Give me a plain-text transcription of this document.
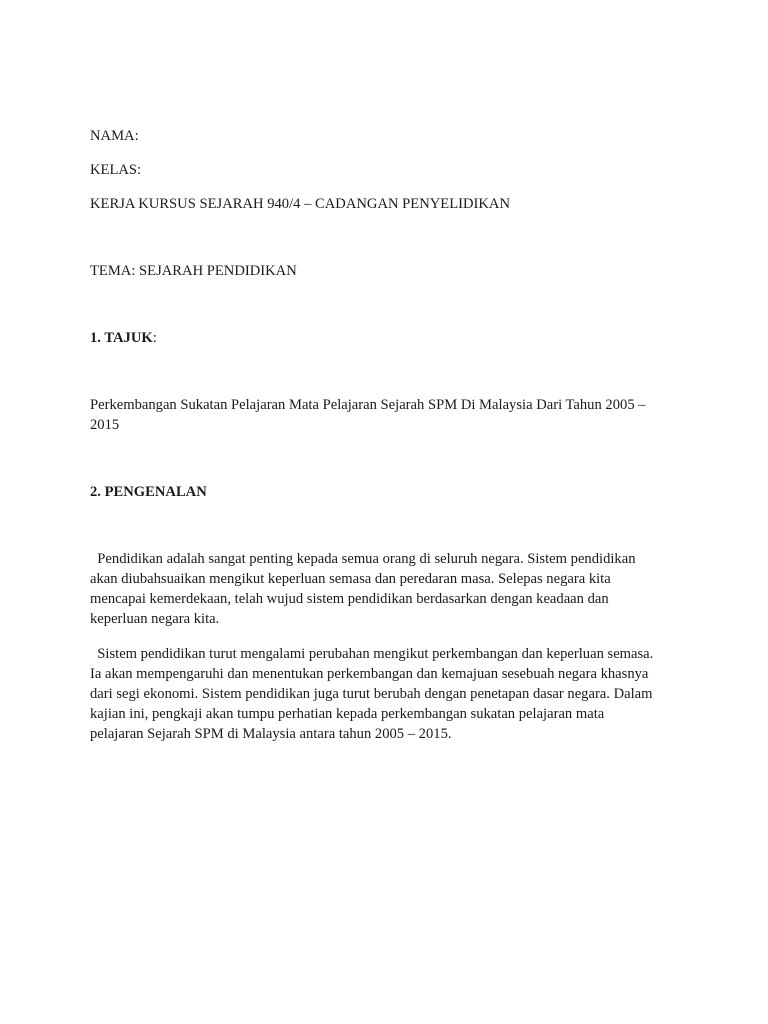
NAMA:

KELAS:

KERJA KURSUS SEJARAH 940/4 – CADANGAN PENYELIDIKAN

TEMA: SEJARAH PENDIDIKAN

1. TAJUK:

Perkembangan Sukatan Pelajaran Mata Pelajaran Sejarah SPM Di Malaysia Dari Tahun 2005 –
2015

2. PENGENALAN

Pendidikan adalah sangat penting kepada semua orang di seluruh negara. Sistem pendidikan
akan diubahsuaikan mengikut keperluan semasa dan peredaran masa. Selepas negara kita
mencapai kemerdekaan, telah wujud sistem pendidikan berdasarkan dengan keadaan dan
keperluan negara kita.
Sistem pendidikan turut mengalami perubahan mengikut perkembangan dan keperluan semasa.
Ia akan mempengaruhi dan menentukan perkembangan dan kemajuan sesebuah negara khasnya
dari segi ekonomi. Sistem pendidikan juga turut berubah dengan penetapan dasar negara. Dalam
kajian ini, pengkaji akan tumpu perhatian kepada perkembangan sukatan pelajaran mata
pelajaran Sejarah SPM di Malaysia antara tahun 2005 – 2015.
